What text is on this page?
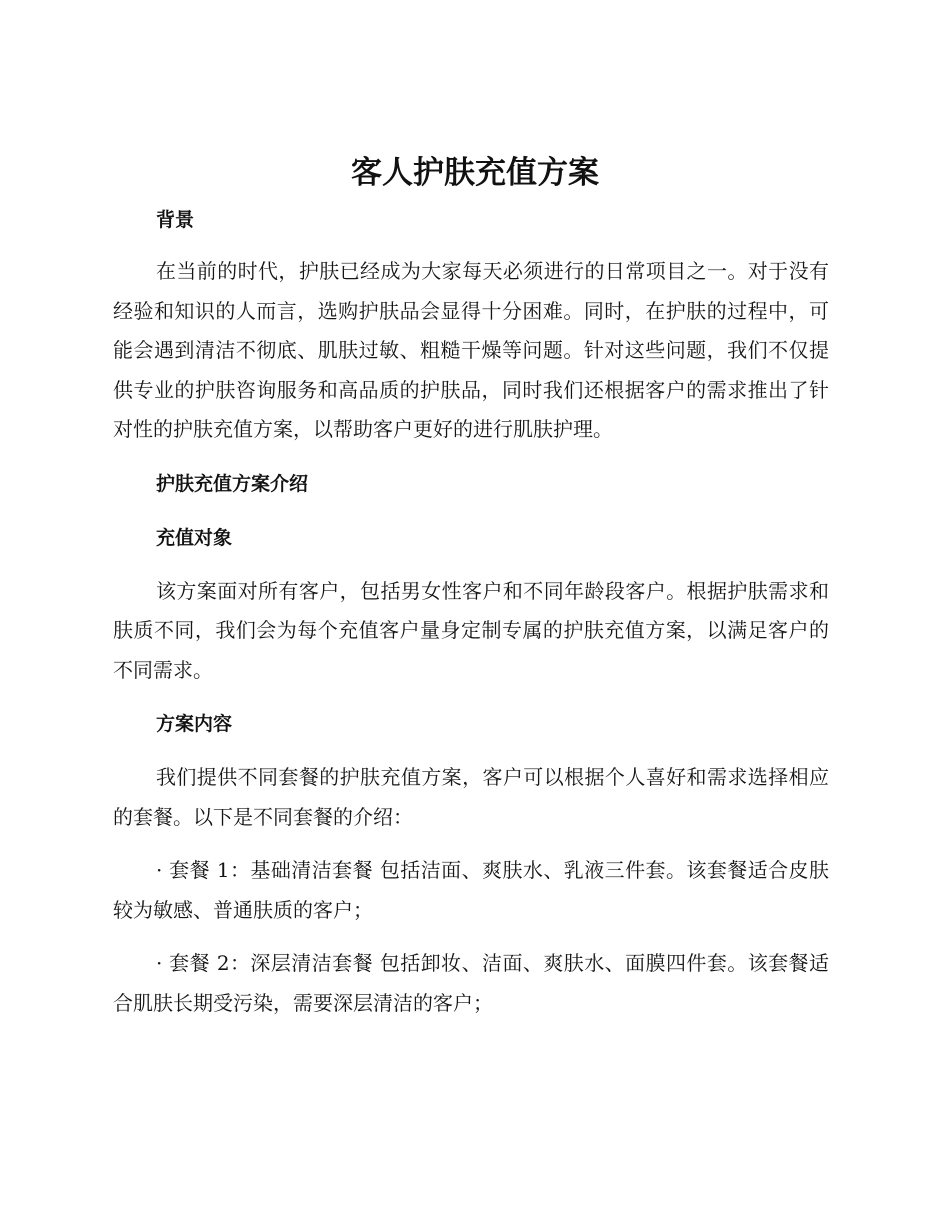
客人护肤充值方案

背景

在当前的时代，护肤已经成为大家每天必须进行的日常项目之一。对于没有经验和知识的人而言，选购护肤品会显得十分困难。同时，在护肤的过程中，可能会遇到清洁不彻底、肌肤过敏、粗糙干燥等问题。针对这些问题，我们不仅提供专业的护肤咨询服务和高品质的护肤品，同时我们还根据客户的需求推出了针对性的护肤充值方案，以帮助客户更好的进行肌肤护理。

护肤充值方案介绍

充值对象

该方案面对所有客户，包括男女性客户和不同年龄段客户。根据护肤需求和肤质不同，我们会为每个充值客户量身定制专属的护肤充值方案，以满足客户的不同需求。

方案内容

我们提供不同套餐的护肤充值方案，客户可以根据个人喜好和需求选择相应的套餐。以下是不同套餐的介绍：

· 套餐 1：基础清洁套餐 包括洁面、爽肤水、乳液三件套。该套餐适合皮肤较为敏感、普通肤质的客户；

· 套餐 2：深层清洁套餐 包括卸妆、洁面、爽肤水、面膜四件套。该套餐适合肌肤长期受污染，需要深层清洁的客户；
